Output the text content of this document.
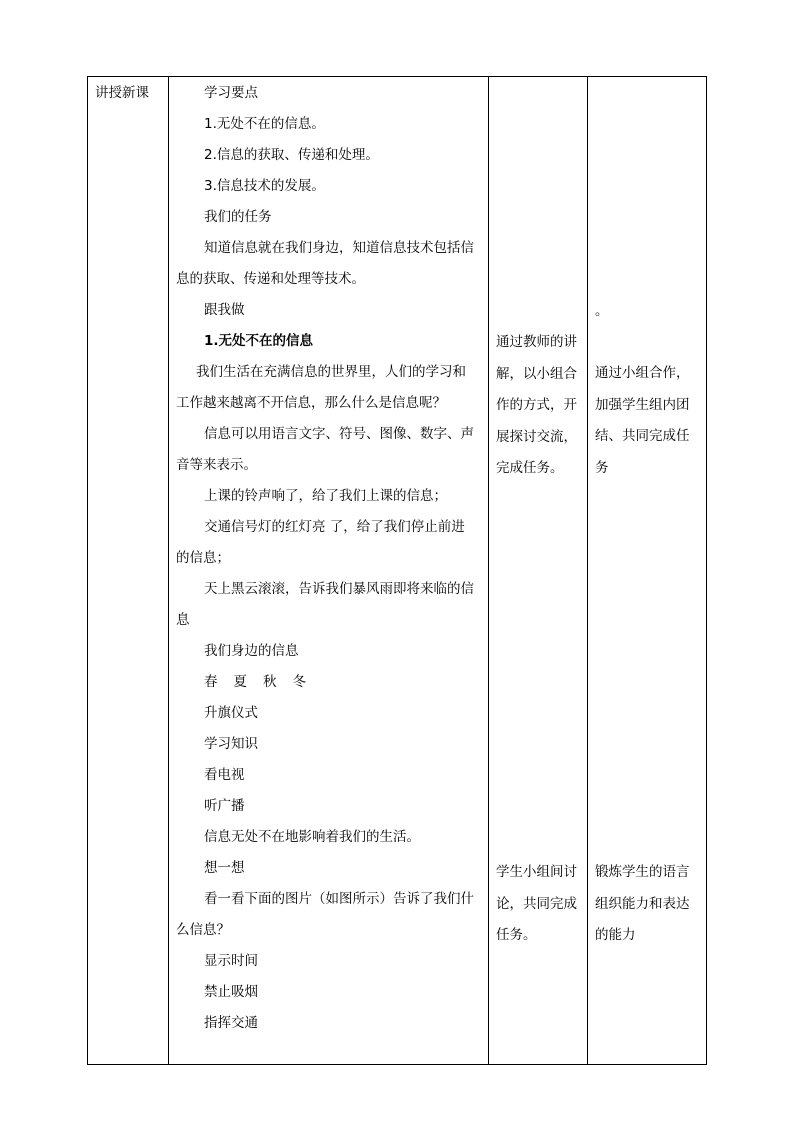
讲授新课	学习要点
1.无处不在的信息。
2.信息的获取、传递和处理。
3.信息技术的发展。
我们的任务
知道信息就在我们身边，知道信息技术包括信
息的获取、传递和处理等技术。
跟我做
1.无处不在的信息
我们生活在充满信息的世界里，人们的学习和
工作越来越离不开信息，那么什么是信息呢？
信息可以用语言文字、符号、图像、数字、声
音等来表示。
上课的铃声响了，给了我们上课的信息；
交通信号灯的红灯亮 了，给了我们停止前进
的信息；
天上黑云滚滚，告诉我们暴风雨即将来临的信
息
我们身边的信息
春 夏 秋 冬
升旗仪式
学习知识
看电视
听广播
信息无处不在地影响着我们的生活。
想一想
看一看下面的图片（如图所示）告诉了我们什
么信息？
显示时间
禁止吸烟
指挥交通
通过教师的讲
解，以小组合
作的方式，开
展探讨交流，
完成任务。
学生小组间讨
论，共同完成
任务。
。
通过小组合作，
加强学生组内团
结、共同完成任
务
锻炼学生的语言
组织能力和表达
的能力
